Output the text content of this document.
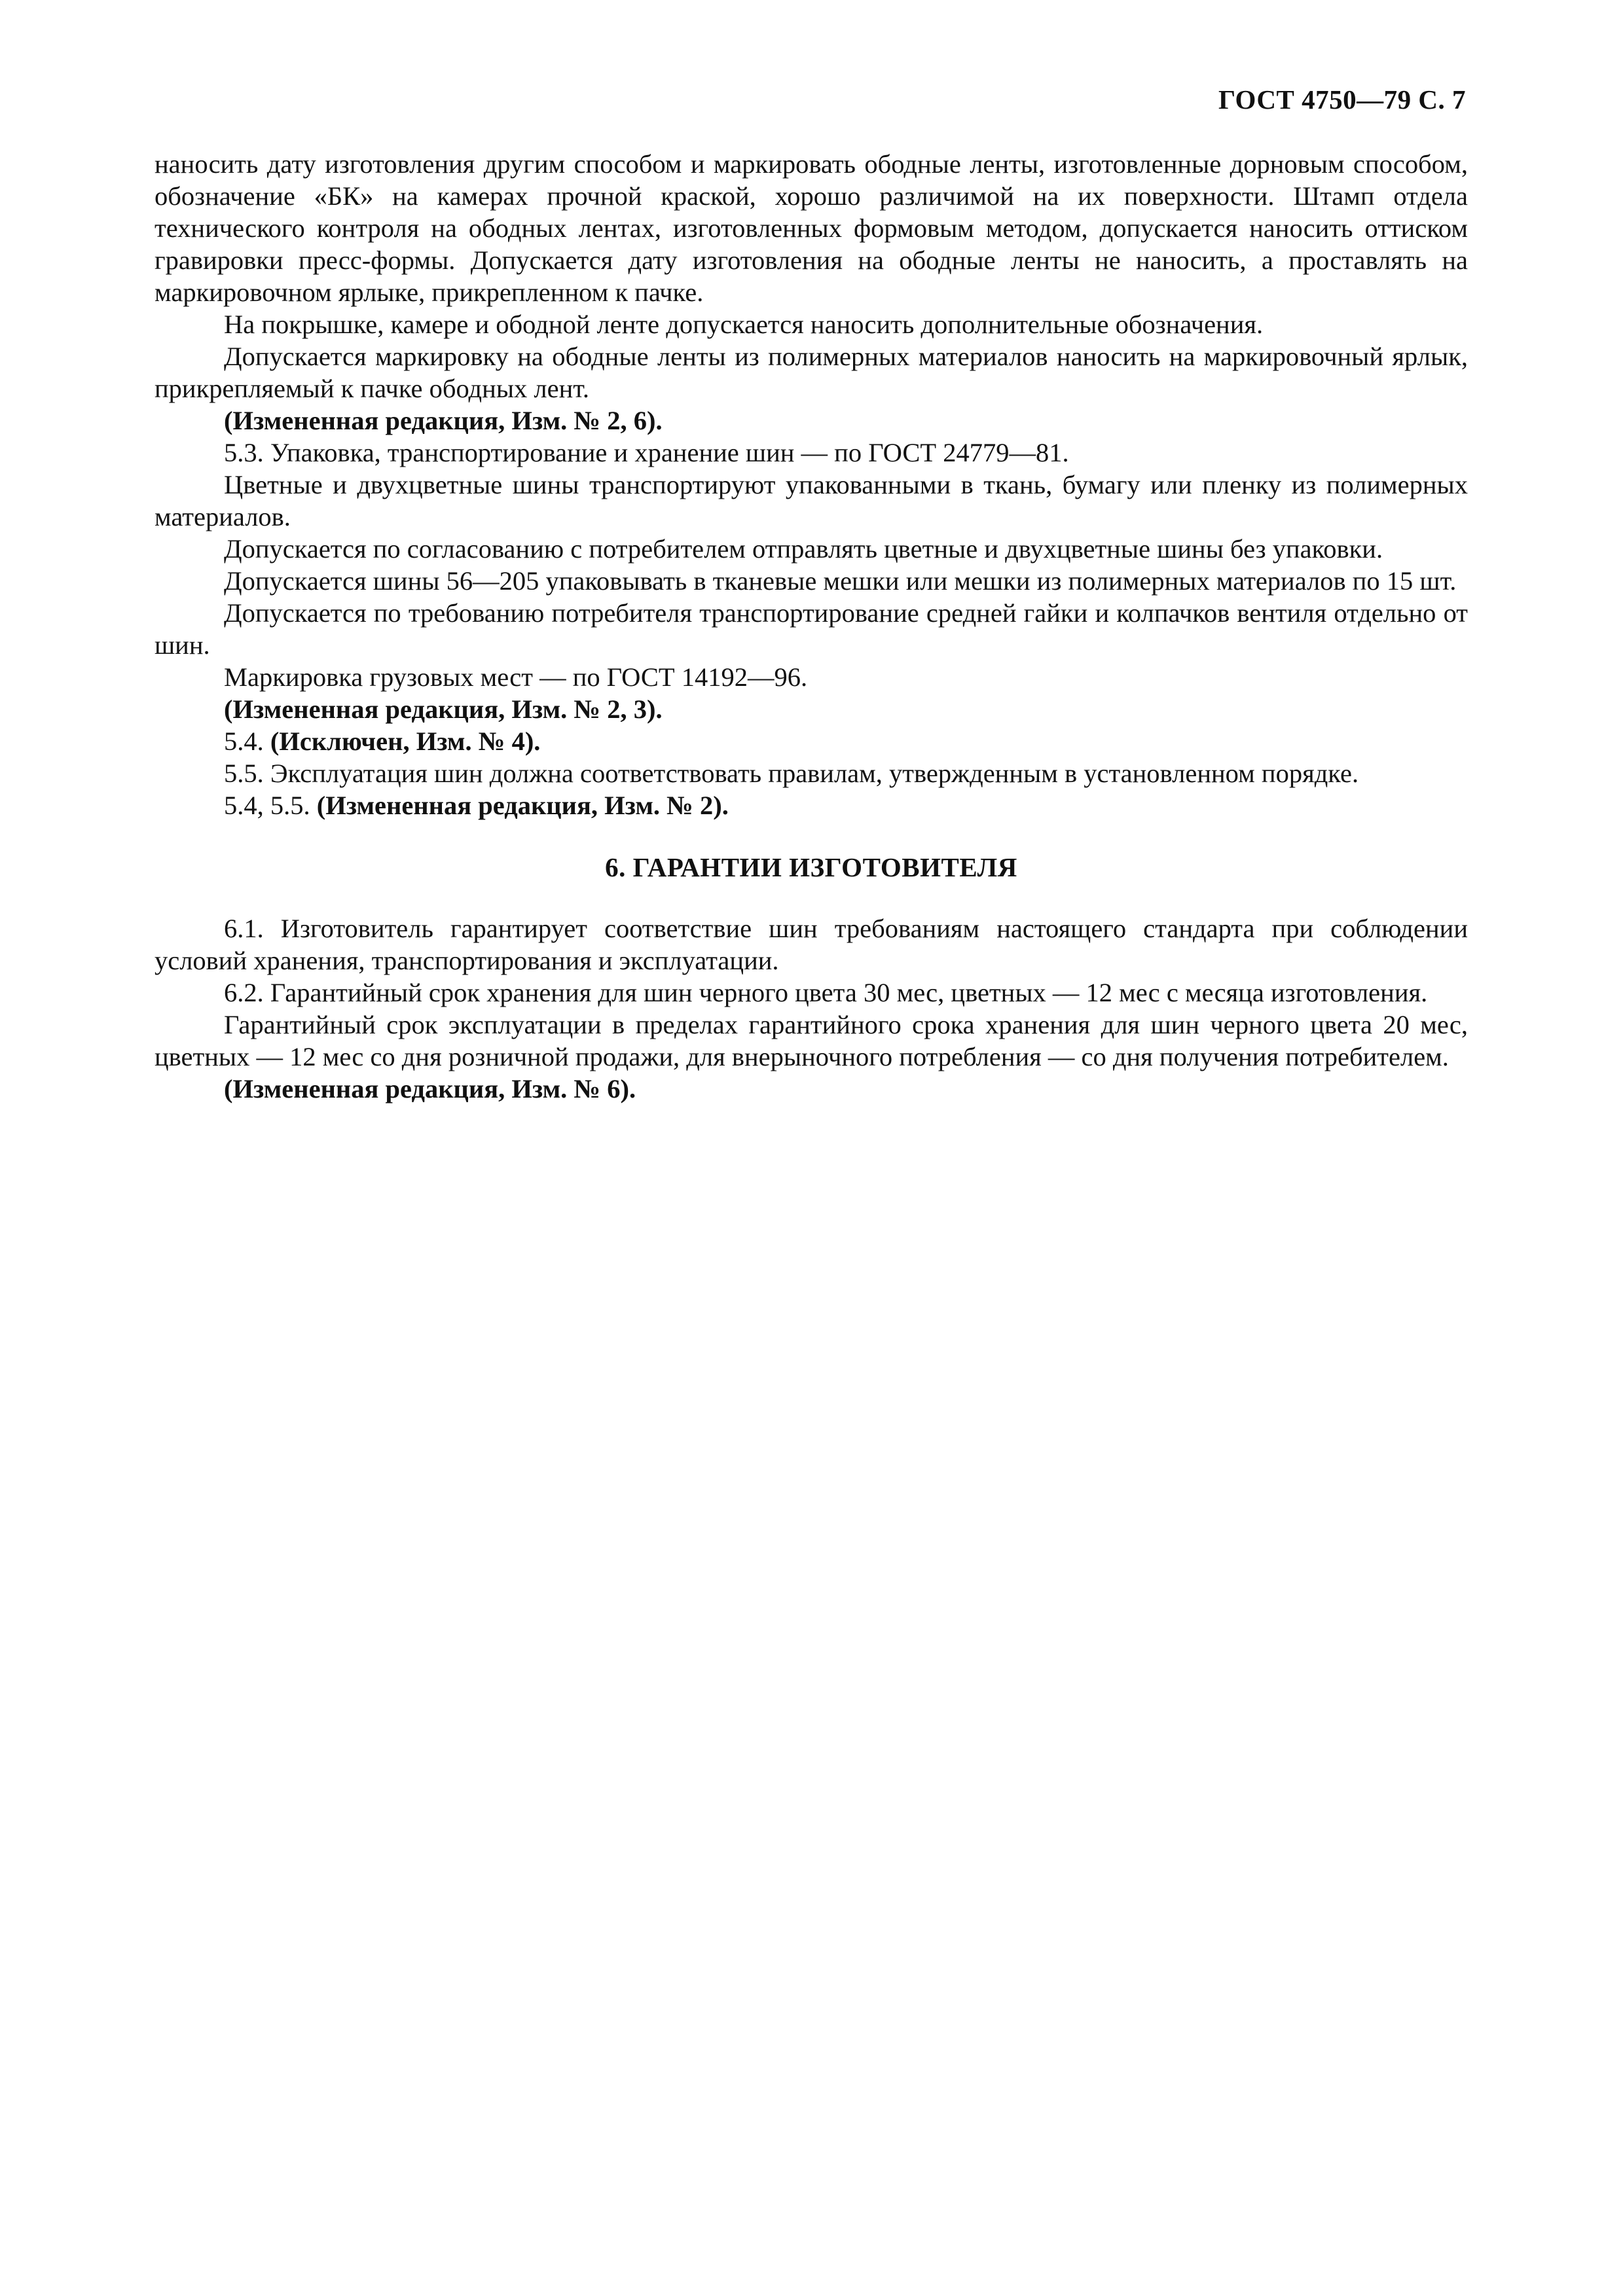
ГОСТ 4750—79 С. 7

наносить дату изготовления другим способом и маркировать ободные ленты, изготовленные дорновым способом, обозначение «БК» на камерах прочной краской, хорошо различимой на их поверхности. Штамп отдела технического контроля на ободных лентах, изготовленных формовым методом, допускается наносить оттиском гравировки пресс-формы. Допускается дату изготовления на ободные ленты не наносить, а проставлять на маркировочном ярлыке, прикрепленном к пачке.

На покрышке, камере и ободной ленте допускается наносить дополнительные обозначения.

Допускается маркировку на ободные ленты из полимерных материалов наносить на маркировочный ярлык, прикрепляемый к пачке ободных лент.

(Измененная редакция, Изм. № 2, 6).

5.3. Упаковка, транспортирование и хранение шин — по ГОСТ 24779—81.

Цветные и двухцветные шины транспортируют упакованными в ткань, бумагу или пленку из полимерных материалов.

Допускается по согласованию с потребителем отправлять цветные и двухцветные шины без упаковки.

Допускается шины 56—205 упаковывать в тканевые мешки или мешки из полимерных материалов по 15 шт.

Допускается по требованию потребителя транспортирование средней гайки и колпачков вентиля отдельно от шин.

Маркировка грузовых мест — по ГОСТ 14192—96.

(Измененная редакция, Изм. № 2, 3).

5.4. (Исключен, Изм. № 4).

5.5. Эксплуатация шин должна соответствовать правилам, утвержденным в установленном порядке.

5.4, 5.5. (Измененная редакция, Изм. № 2).

6. ГАРАНТИИ ИЗГОТОВИТЕЛЯ

6.1. Изготовитель гарантирует соответствие шин требованиям настоящего стандарта при соблюдении условий хранения, транспортирования и эксплуатации.

6.2. Гарантийный срок хранения для шин черного цвета 30 мес, цветных — 12 мес с месяца изготовления.

Гарантийный срок эксплуатации в пределах гарантийного срока хранения для шин черного цвета 20 мес, цветных — 12 мес со дня розничной продажи, для внерыночного потребления — со дня получения потребителем.

(Измененная редакция, Изм. № 6).
